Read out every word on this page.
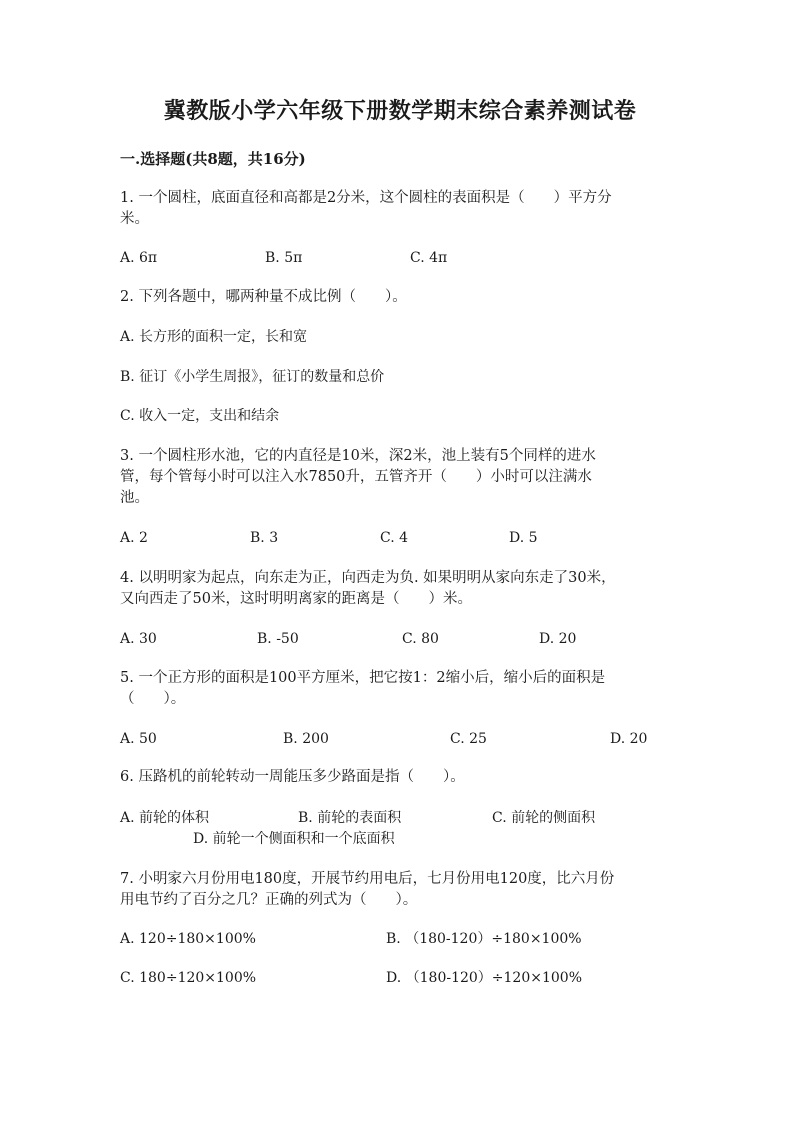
冀教版小学六年级下册数学期末综合素养测试卷
一.选择题(共8题，共16分)
1. 一个圆柱，底面直径和高都是2分米，这个圆柱的表面积是（　　）平方分
米。
A. 6π	B. 5π	C. 4π
2. 下列各题中，哪两种量不成比例（　　）。
A. 长方形的面积一定，长和宽
B. 征订《小学生周报》，征订的数量和总价
C. 收入一定，支出和结余
3. 一个圆柱形水池，它的内直径是10米，深2米，池上装有5个同样的进水
管，每个管每小时可以注入水7850升，五管齐开（　　）小时可以注满水
池。
A. 2	B. 3	C. 4	D. 5
4. 以明明家为起点，向东走为正，向西走为负. 如果明明从家向东走了30米，
又向西走了50米，这时明明离家的距离是（　　）米。
A. 30	B. -50	C. 80	D. 20
5. 一个正方形的面积是100平方厘米，把它按1：2缩小后，缩小后的面积是
（　　）。
A. 50	B. 200	C. 25	D. 20
6. 压路机的前轮转动一周能压多少路面是指（　　）。
A. 前轮的体积	B. 前轮的表面积	C. 前轮的侧面积
D. 前轮一个侧面积和一个底面积
7. 小明家六月份用电180度，开展节约用电后，七月份用电120度，比六月份
用电节约了百分之几？正确的列式为（　　）。
A. 120÷180×100%	B. （180-120）÷180×100%
C. 180÷120×100%	D. （180-120）÷120×100%
